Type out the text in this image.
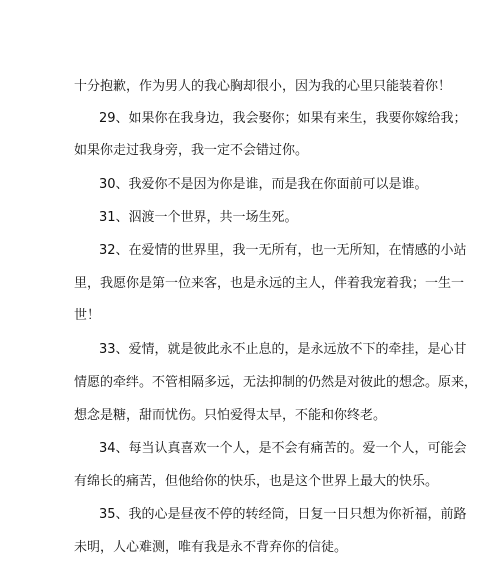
十分抱歉，作为男人的我心胸却很小，因为我的心里只能装着你！
29、如果你在我身边，我会娶你；如果有来生，我要你嫁给我；
如果你走过我身旁，我一定不会错过你。
30、我爱你不是因为你是谁，而是我在你面前可以是谁。
31、泅渡一个世界，共一场生死。
32、在爱情的世界里，我一无所有，也一无所知，在情感的小站
里，我愿你是第一位来客，也是永远的主人，伴着我宠着我；一生一
世！
33、爱情，就是彼此永不止息的，是永远放不下的牵挂，是心甘
情愿的牵绊。不管相隔多远，无法抑制的仍然是对彼此的想念。原来，
想念是糖，甜而忧伤。只怕爱得太早，不能和你终老。
34、每当认真喜欢一个人，是不会有痛苦的。爱一个人，可能会
有绵长的痛苦，但他给你的快乐，也是这个世界上最大的快乐。
35、我的心是昼夜不停的转经筒，日复一日只想为你祈福，前路
未明，人心难测，唯有我是永不背弃你的信徒。
